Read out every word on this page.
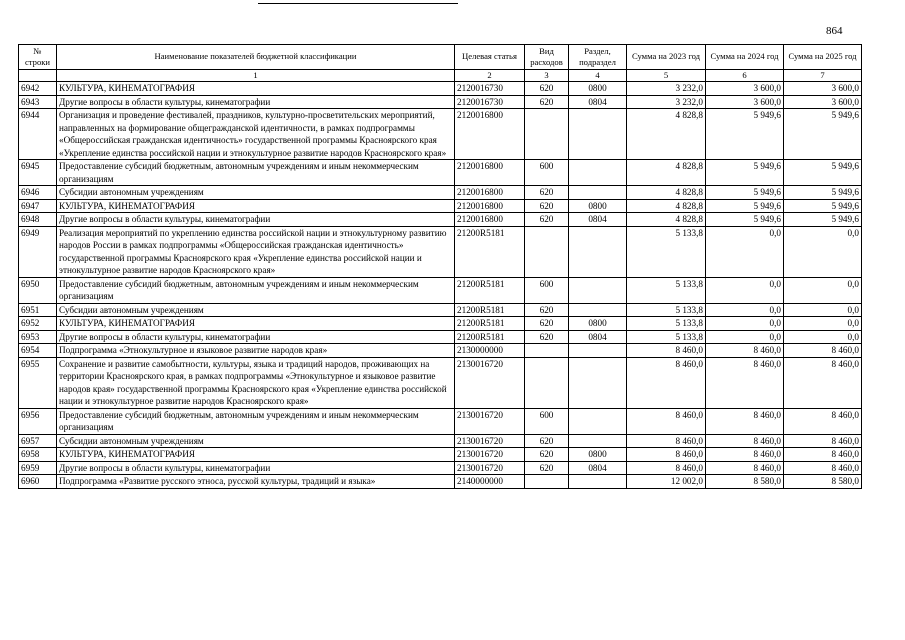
864
№ строки	Наименование показателей бюджетной классификации	Целевая статья	Вид расходов	Раздел, подраздел	Сумма на 2023 год	Сумма на 2024 год	Сумма на 2025 год
	1	2	3	4	5	6	7
6942	КУЛЬТУРА, КИНЕМАТОГРАФИЯ	2120016730	620	0800	3 232,0	3 600,0	3 600,0
6943	Другие вопросы в области культуры, кинематографии	2120016730	620	0804	3 232,0	3 600,0	3 600,0
6944	Организация и проведение фестивалей, праздников, культурно-просветительских мероприятий, направленных на формирование общегражданской идентичности, в рамках подпрограммы «Общероссийская гражданская идентичность» государственной программы Красноярского края «Укрепление единства российской нации и этнокультурное развитие народов Красноярского края»	2120016800			4 828,8	5 949,6	5 949,6
6945	Предоставление субсидий бюджетным, автономным учреждениям и иным некоммерческим организациям	2120016800	600		4 828,8	5 949,6	5 949,6
6946	Субсидии автономным учреждениям	2120016800	620		4 828,8	5 949,6	5 949,6
6947	КУЛЬТУРА, КИНЕМАТОГРАФИЯ	2120016800	620	0800	4 828,8	5 949,6	5 949,6
6948	Другие вопросы в области культуры, кинематографии	2120016800	620	0804	4 828,8	5 949,6	5 949,6
6949	Реализация мероприятий по укреплению единства российской нации и этнокультурному развитию народов России в рамках подпрограммы «Общероссийская гражданская идентичность» государственной программы Красноярского края «Укрепление единства российской нации и этнокультурное развитие народов Красноярского края»	21200R5181			5 133,8	0,0	0,0
6950	Предоставление субсидий бюджетным, автономным учреждениям и иным некоммерческим организациям	21200R5181	600		5 133,8	0,0	0,0
6951	Субсидии автономным учреждениям	21200R5181	620		5 133,8	0,0	0,0
6952	КУЛЬТУРА, КИНЕМАТОГРАФИЯ	21200R5181	620	0800	5 133,8	0,0	0,0
6953	Другие вопросы в области культуры, кинематографии	21200R5181	620	0804	5 133,8	0,0	0,0
6954	Подпрограмма «Этнокультурное и языковое развитие народов края»	2130000000			8 460,0	8 460,0	8 460,0
6955	Сохранение и развитие самобытности, культуры, языка и традиций народов, проживающих на территории Красноярского края, в рамках подпрограммы «Этнокультурное и языковое развитие народов края» государственной программы Красноярского края «Укрепление единства российской нации и этнокультурное развитие народов Красноярского края»	2130016720			8 460,0	8 460,0	8 460,0
6956	Предоставление субсидий бюджетным, автономным учреждениям и иным некоммерческим организациям	2130016720	600		8 460,0	8 460,0	8 460,0
6957	Субсидии автономным учреждениям	2130016720	620		8 460,0	8 460,0	8 460,0
6958	КУЛЬТУРА, КИНЕМАТОГРАФИЯ	2130016720	620	0800	8 460,0	8 460,0	8 460,0
6959	Другие вопросы в области культуры, кинематографии	2130016720	620	0804	8 460,0	8 460,0	8 460,0
6960	Подпрограмма «Развитие русского этноса, русской культуры, традиций и языка»	2140000000			12 002,0	8 580,0	8 580,0
